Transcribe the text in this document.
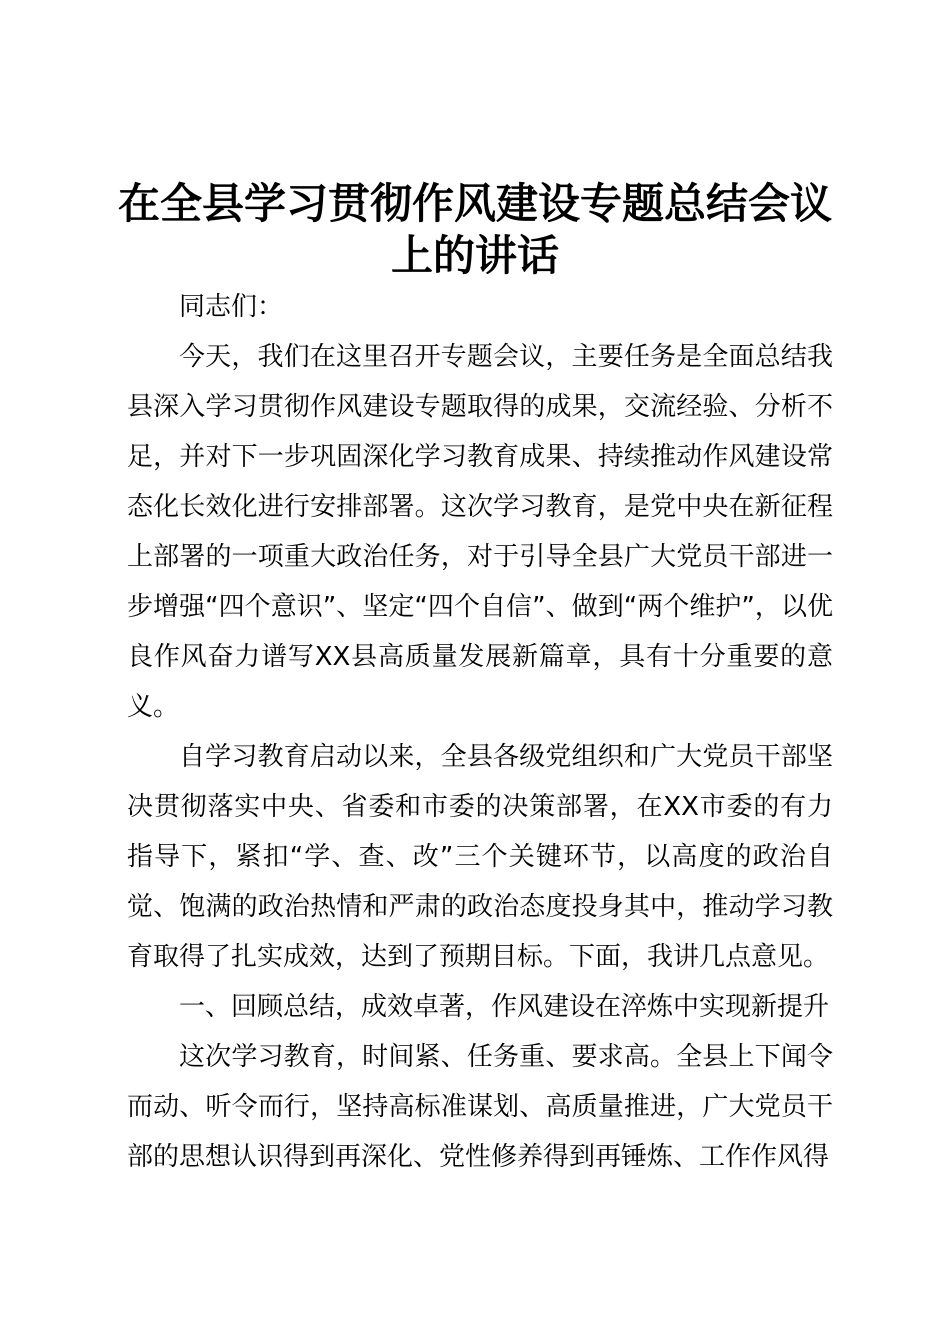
在全县学习贯彻作风建设专题总结会议
上的讲话

同志们：

今天，我们在这里召开专题会议，主要任务是全面总结我县深入学习贯彻作风建设专题取得的成果，交流经验、分析不足，并对下一步巩固深化学习教育成果、持续推动作风建设常态化长效化进行安排部署。这次学习教育，是党中央在新征程上部署的一项重大政治任务，对于引导全县广大党员干部进一步增强“四个意识”、坚定“四个自信”、做到“两个维护”，以优良作风奋力谱写XX县高质量发展新篇章，具有十分重要的意义。

自学习教育启动以来，全县各级党组织和广大党员干部坚决贯彻落实中央、省委和市委的决策部署，在XX市委的有力指导下，紧扣“学、查、改”三个关键环节，以高度的政治自觉、饱满的政治热情和严肃的政治态度投身其中，推动学习教育取得了扎实成效，达到了预期目标。下面，我讲几点意见。

一、回顾总结，成效卓著，作风建设在淬炼中实现新提升

这次学习教育，时间紧、任务重、要求高。全县上下闻令而动、听令而行，坚持高标准谋划、高质量推进，广大党员干部的思想认识得到再深化、党性修养得到再锤炼、工作作风得
